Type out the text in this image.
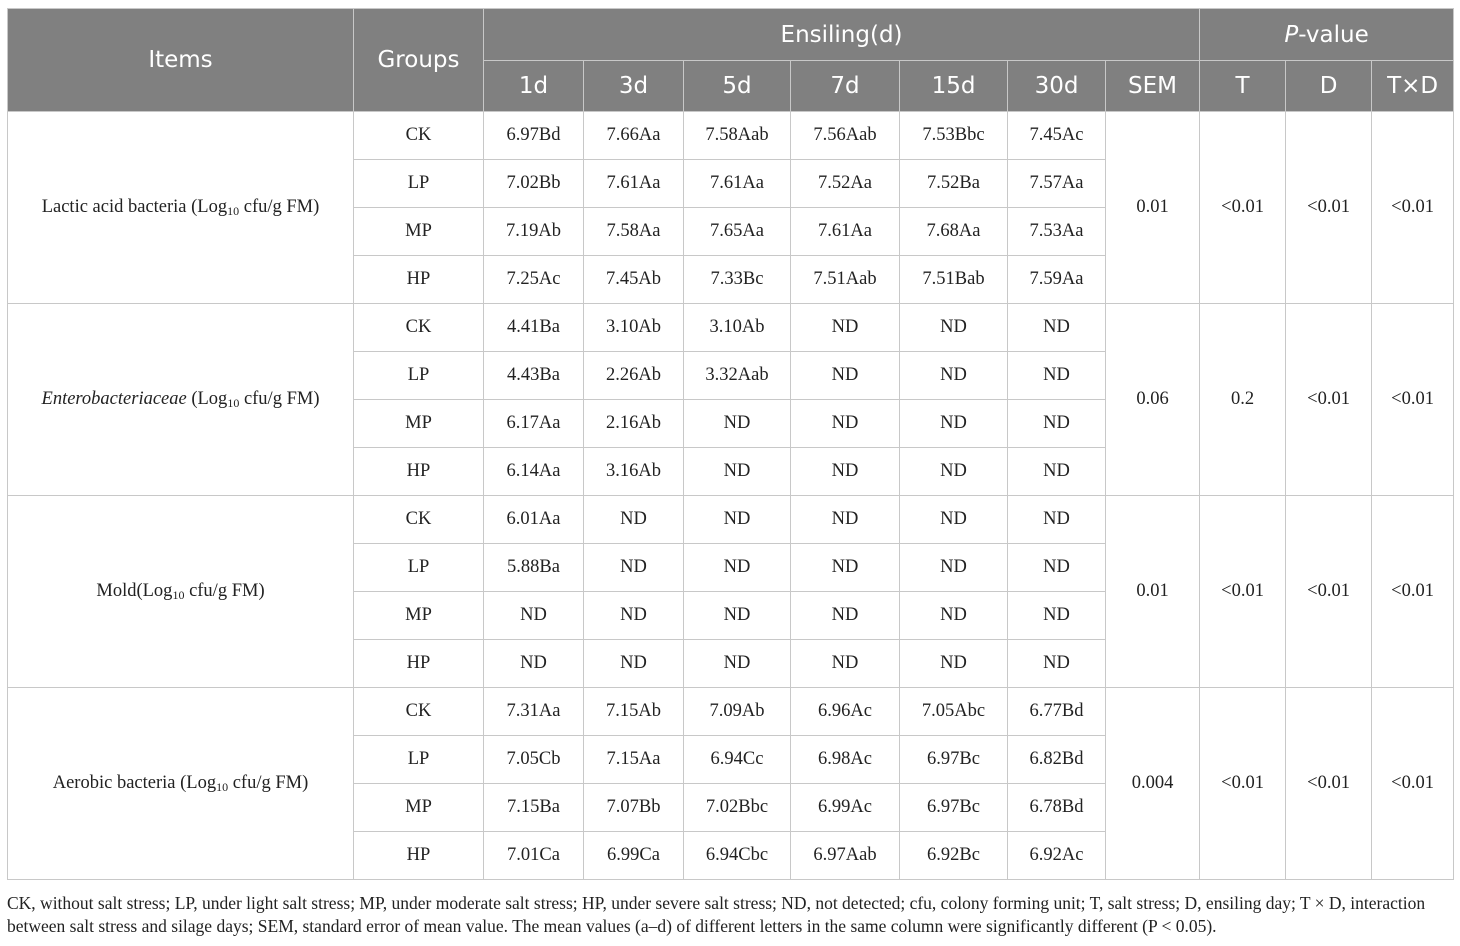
Items	Groups	Ensiling(d)							P-value		
		1d	3d	5d	7d	15d	30d	SEM	T	D	T×D
Lactic acid bacteria (Log$_{10}$ cfu/g FM)	CK	6.97Bd	7.66Aa	7.58Aab	7.56Aab	7.53Bbc	7.45Ac	0.01	<0.01	<0.01	<0.01
	LP	7.02Bb	7.61Aa	7.61Aa	7.52Aa	7.52Ba	7.57Aa				
	MP	7.19Ab	7.58Aa	7.65Aa	7.61Aa	7.68Aa	7.53Aa				
	HP	7.25Ac	7.45Ab	7.33Bc	7.51Aab	7.51Bab	7.59Aa				
Enterobacteriaceae (Log$_{10}$ cfu/g FM)	CK	4.41Ba	3.10Ab	3.10Ab	ND	ND	ND	0.06	0.2	<0.01	<0.01
	LP	4.43Ba	2.26Ab	3.32Aab	ND	ND	ND				
	MP	6.17Aa	2.16Ab	ND	ND	ND	ND				
	HP	6.14Aa	3.16Ab	ND	ND	ND	ND				
Mold(Log$_{10}$ cfu/g FM)	CK	6.01Aa	ND	ND	ND	ND	ND	0.01	<0.01	<0.01	<0.01
	LP	5.88Ba	ND	ND	ND	ND	ND				
	MP	ND	ND	ND	ND	ND	ND				
	HP	ND	ND	ND	ND	ND	ND				
Aerobic bacteria (Log$_{10}$ cfu/g FM)	CK	7.31Aa	7.15Ab	7.09Ab	6.96Ac	7.05Abc	6.77Bd	0.004	<0.01	<0.01	<0.01
	LP	7.05Cb	7.15Aa	6.94Cc	6.98Ac	6.97Bc	6.82Bd				
	MP	7.15Ba	7.07Bb	7.02Bbc	6.99Ac	6.97Bc	6.78Bd				
	HP	7.01Ca	6.99Ca	6.94Cbc	6.97Aab	6.92Bc	6.92Ac				
CK, without salt stress; LP, under light salt stress; MP, under moderate salt stress; HP, under severe salt stress; ND, not detected; cfu, colony forming unit; T, salt stress; D, ensiling day; T × D, interaction between salt stress and silage days; SEM, standard error of mean value. The mean values (a–d) of different letters in the same column were significantly different (P < 0.05).
